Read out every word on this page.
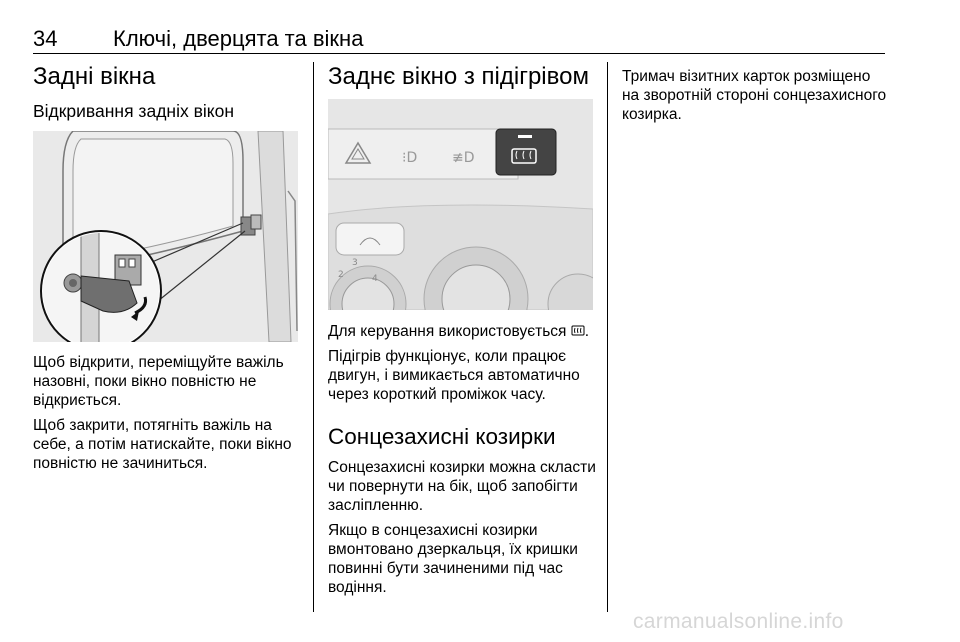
34	Ключі, дверцята та вікна
Задні вікна
Відкривання задніх вікон

Щоб відкрити, переміщуйте важіль назовні, поки вікно повністю не відкриється.

Щоб закрити, потягніть важіль на себе, а потім натискайте, поки вікно повністю не зачиниться.

Заднє вікно з підігрівом
⁝D ≢D
2
3
4

Для керування використовується .

Підігрів функціонує, коли працює двигун, і вимикається автоматично через короткий проміжок часу.

Сонцезахисні козирки

Сонцезахисні козирки можна скласти чи повернути на бік, щоб запобігти засліпленню.

Якщо в сонцезахисні козирки вмонтовано дзеркальця, їх кришки повинні бути зачиненими під час водіння.

Тримач візитних карток розміщено на зворотній стороні сонцезахисного козирка.

carmanualsonline.info
